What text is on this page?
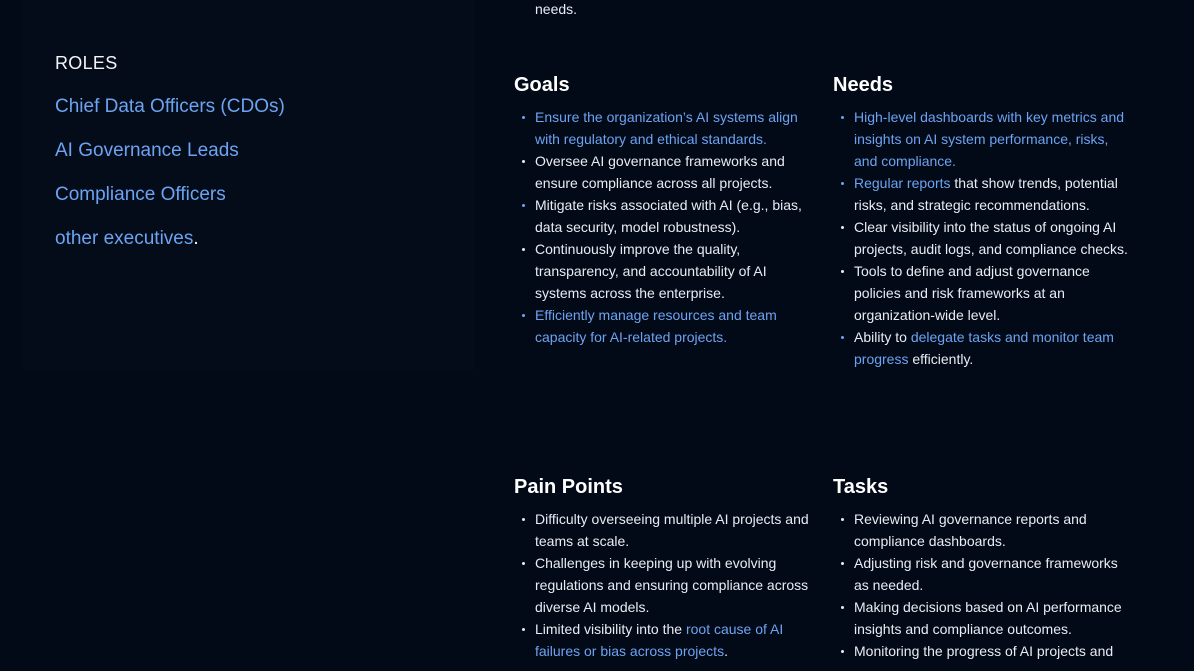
needs.
ROLES
Chief Data Officers (CDOs)
AI Governance Leads
Compliance Officers
other executives.
Goals
Ensure the organization’s AI systems align with regulatory and ethical standards.
Oversee AI governance frameworks and ensure compliance across all projects.
Mitigate risks associated with AI (e.g., bias, data security, model robustness).
Continuously improve the quality, transparency, and accountability of AI systems across the enterprise.
Efficiently manage resources and team capacity for AI-related projects.
Needs
High-level dashboards with key metrics and insights on AI system performance, risks, and compliance.
Regular reports that show trends, potential risks, and strategic recommendations.
Clear visibility into the status of ongoing AI projects, audit logs, and compliance checks.
Tools to define and adjust governance policies and risk frameworks at an organization-wide level.
Ability to delegate tasks and monitor team progress efficiently.
Pain Points
Difficulty overseeing multiple AI projects and teams at scale.
Challenges in keeping up with evolving regulations and ensuring compliance across diverse AI models.
Limited visibility into the root cause of AI failures or bias across projects.
Tasks
Reviewing AI governance reports and compliance dashboards.
Adjusting risk and governance frameworks as needed.
Making decisions based on AI performance insights and compliance outcomes.
Monitoring the progress of AI projects and
